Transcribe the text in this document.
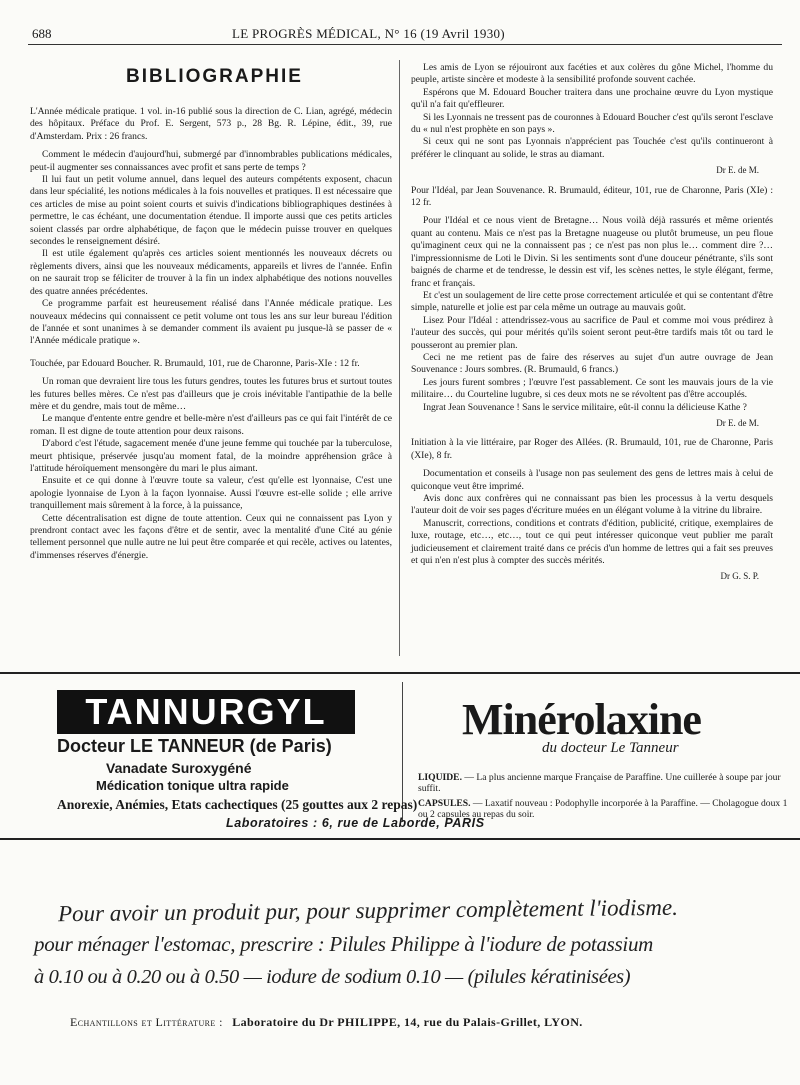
688	LE PROGRÈS MÉDICAL, N° 16 (19 Avril 1930)
BIBLIOGRAPHIE

L'Année médicale pratique. 1 vol. in-16 publié sous la direction de C. Lian, agrégé, médecin des hôpitaux. Préface du Prof. E. Sergent, 573 p., 28 Bg. R. Lépine, édit., 39, rue d'Amsterdam. Prix : 26 francs.

Comment le médecin d'aujourd'hui, submergé par d'innombrables publications médicales, peut-il augmenter ses connaissances avec profit et sans perte de temps ?

Il lui faut un petit volume annuel, dans lequel des auteurs compétents exposent, chacun dans leur spécialité, les notions médicales à la fois nouvelles et pratiques. Il est nécessaire que ces articles de mise au point soient courts et suivis d'indications bibliographiques destinées à permettre, le cas échéant, une documentation étendue. Il importe aussi que ces petits articles soient classés par ordre alphabétique, de façon que le médecin puisse trouver en quelques secondes le renseignement désiré.

Il est utile également qu'après ces articles soient mentionnés les nouveaux décrets ou règlements divers, ainsi que les nouveaux médicaments, appareils et livres de l'année. Enfin on ne saurait trop se féliciter de trouver à la fin un index alphabétique des notions nouvelles des quatre années précédentes.

Ce programme parfait est heureusement réalisé dans l'Année médicale pratique. Les nouveaux médecins qui connaissent ce petit volume ont tous les ans sur leur bureau l'édition de l'année et sont unanimes à se demander comment ils avaient pu jusque-là se passer de « l'Année médicale pratique ».

Touchée, par Edouard Boucher. R. Brumauld, 101, rue de Charonne, Paris-XIe : 12 fr.

Un roman que devraient lire tous les futurs gendres, toutes les futures brus et surtout toutes les futures belles mères. Ce n'est pas d'ailleurs que je crois inévitable l'antipathie de la belle mère et du gendre, mais tout de même…

Le manque d'entente entre gendre et belle-mère n'est d'ailleurs pas ce qui fait l'intérêt de ce roman. Il est digne de toute attention pour deux raisons.

D'abord c'est l'étude, sagacement menée d'une jeune femme qui touchée par la tuberculose, meurt phtisique, préservée jusqu'au moment fatal, de la moindre appréhension grâce à l'attitude héroïquement mensongère du mari le plus aimant.

Ensuite et ce qui donne à l'œuvre toute sa valeur, c'est qu'elle est lyonnaise, C'est une apologie lyonnaise de Lyon à la façon lyonnaise. Aussi l'œuvre est-elle solide ; elle arrive tranquillement mais sûrement à la force, à la puissance,

Cette décentralisation est digne de toute attention. Ceux qui ne connaissent pas Lyon y prendront contact avec les façons d'être et de sentir, avec la mentalité d'une Cité au génie tellement personnel que nulle autre ne lui peut être comparée et qui recèle, actives ou latentes, d'immenses réserves d'énergie.

Les amis de Lyon se réjouiront aux facéties et aux colères du gône Michel, l'homme du peuple, artiste sincère et modeste à la sensibilité profonde souvent cachée.

Espérons que M. Edouard Boucher traitera dans une prochaine œuvre du Lyon mystique qu'il n'a fait qu'effleurer.

Si les Lyonnais ne tressent pas de couronnes à Edouard Boucher c'est qu'ils seront l'esclave du « nul n'est prophète en son pays ».

Si ceux qui ne sont pas Lyonnais n'apprécient pas Touchée c'est qu'ils continueront à préférer le clinquant au solide, le stras au diamant.

Dr E. de M.

Pour l'Idéal, par Jean Souvenance. R. Brumauld, éditeur, 101, rue de Charonne, Paris (XIe) : 12 fr.

Pour l'Idéal et ce nous vient de Bretagne… Nous voilà déjà rassurés et même orientés quant au contenu. Mais ce n'est pas la Bretagne nuageuse ou plutôt brumeuse, un peu floue qu'imaginent ceux qui ne la connaissent pas ; ce n'est pas non plus le… comment dire ?… l'impressionnisme de Loti le Divin. Si les sentiments sont d'une douceur pénétrante, s'ils sont baignés de charme et de tendresse, le dessin est vif, les scènes nettes, le style élégant, ferme, franc et français.

Et c'est un soulagement de lire cette prose correctement articulée et qui se contentant d'être simple, naturelle et jolie est par cela même un outrage au mauvais goût.

Lisez Pour l'Idéal : attendrissez-vous au sacrifice de Paul et comme moi vous prédirez à l'auteur des succès, qui pour mérités qu'ils soient seront peut-être tardifs mais tôt ou tard le pousseront au premier plan.

Ceci ne me retient pas de faire des réserves au sujet d'un autre ouvrage de Jean Souvenance : Jours sombres. (R. Brumauld, 6 francs.)

Les jours furent sombres ; l'œuvre l'est passablement. Ce sont les mauvais jours de la vie militaire… du Courteline lugubre, si ces deux mots ne se révoltent pas d'être accouplés.

Ingrat Jean Souvenance ! Sans le service militaire, eût-il connu la délicieuse Kathe ?

Dr E. de M.

Initiation à la vie littéraire, par Roger des Allées. (R. Brumauld, 101, rue de Charonne, Paris (XIe), 8 fr.

Documentation et conseils à l'usage non pas seulement des gens de lettres mais à celui de quiconque veut être imprimé.

Avis donc aux confrères qui ne connaissant pas bien les processus à la vertu desquels l'auteur doit de voir ses pages d'écriture muées en un élégant volume à la vitrine du libraire.

Manuscrit, corrections, conditions et contrats d'édition, publicité, critique, exemplaires de luxe, routage, etc…, etc…, tout ce qui peut intéresser quiconque veut publier me paraît judicieusement et clairement traité dans ce précis d'un homme de lettres qui a fait ses preuves et qui n'en n'est plus à compter des succès mérités.

Dr G. S. P.
TANNURGYL
Docteur LE TANNEUR (de Paris)
Vanadate Suroxygéné
Médication tonique ultra rapide
Anorexie, Anémies, Etats cachectiques (25 gouttes aux 2 repas)
Minérolaxine
du docteur Le Tanneur
LIQUIDE. — La plus ancienne marque Française de Paraffine. Une cuillerée à soupe par jour suffit.
CAPSULES. — Laxatif nouveau : Podophylle incorporée à la Paraffine. — Cholagogue doux 1 ou 2 capsules au repas du soir.
Laboratoires : 6, rue de Laborde, PARIS
Pour avoir un produit pur, pour supprimer complètement l'iodisme.
pour ménager l'estomac, prescrire : Pilules Philippe à l'iodure de potassium
à 0.10 ou à 0.20 ou à 0.50 — iodure de sodium 0.10 — (pilules kératinisées)
Echantillons et Littérature : Laboratoire du Dr PHILIPPE, 14, rue du Palais-Grillet, LYON.
